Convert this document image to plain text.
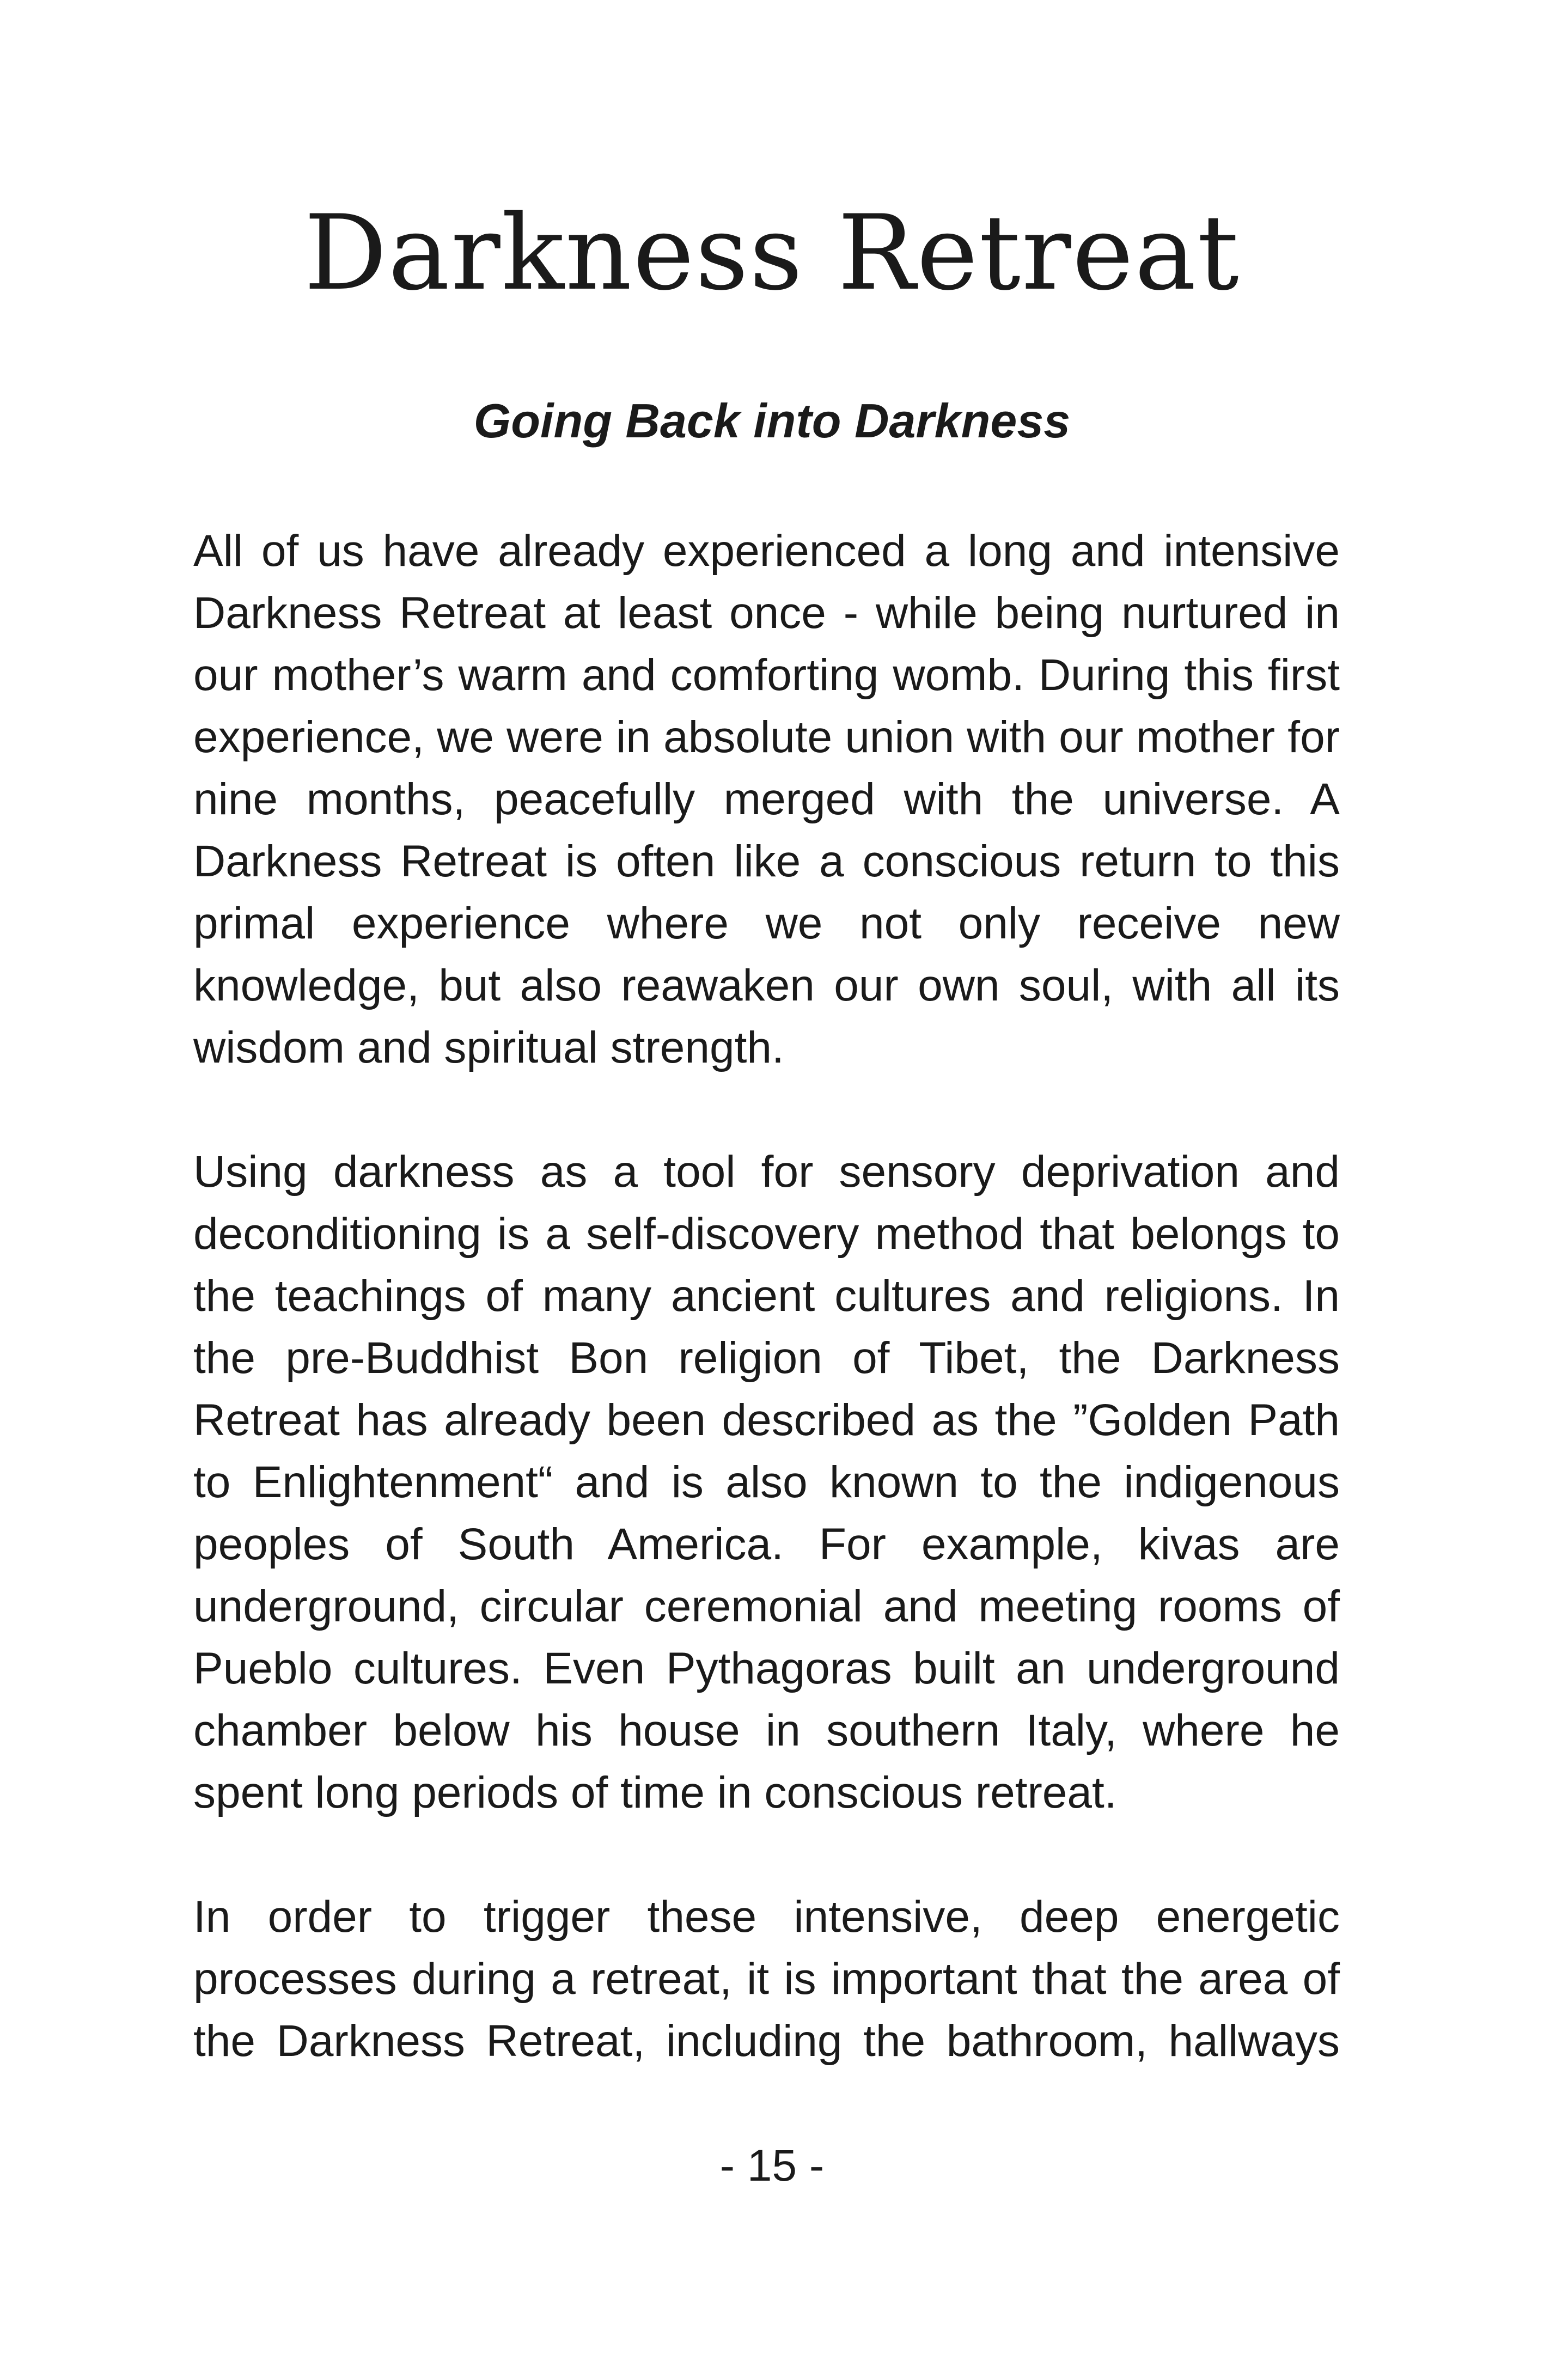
Darkness Retreat
Going Back into Darkness

All of us have already experienced a long and intensive Darkness Retreat at least once - while being nurtured in our mother’s warm and comforting womb. During this first experience, we were in absolute union with our mother for nine months, peacefully merged with the universe. A Darkness Retreat is often like a conscious return to this primal experience where we not only receive new knowledge, but also reawaken our own soul, with all its wisdom and spiritual strength.

Using darkness as a tool for sensory deprivation and deconditioning is a self-discovery method that belongs to the teachings of many ancient cultures and religions. In the pre-Buddhist Bon religion of Tibet, the Darkness Retreat has already been described as the ”Golden Path to Enlightenment“ and is also known to the indigenous peoples of South America. For example, kivas are underground, circular ceremonial and meeting rooms of Pueblo cultures. Even Pythagoras built an underground chamber below his house in southern Italy, where he spent long periods of time in conscious retreat.

In order to trigger these intensive, deep energetic processes during a retreat, it is important that the area of the Darkness Retreat, including the bathroom, hallways

- 15 -
